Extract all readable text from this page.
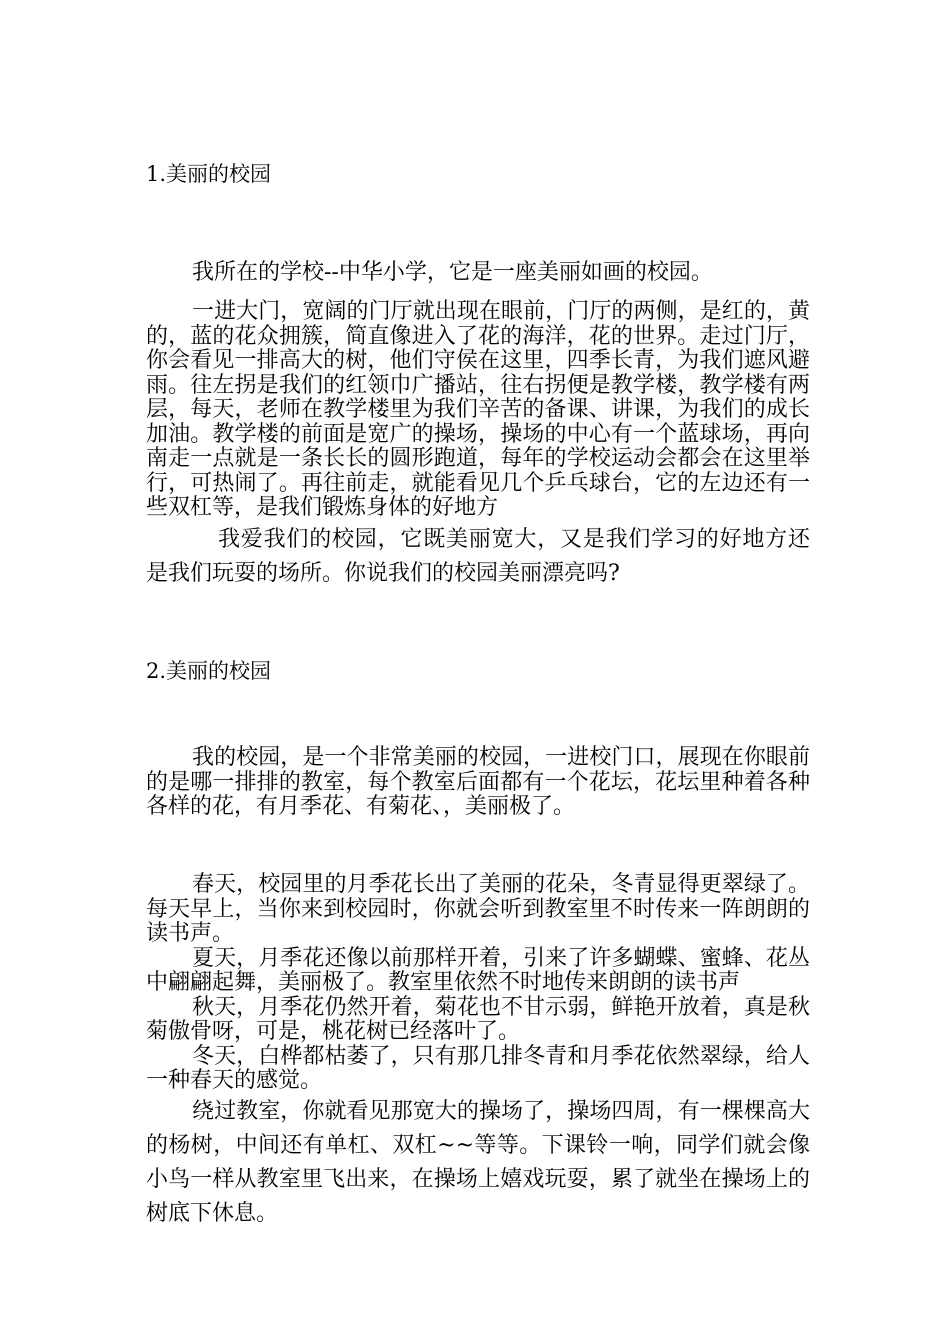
1.美丽的校园

我所在的学校--中华小学，它是一座美丽如画的校园。

一进大门，宽阔的门厅就出现在眼前，门厅的两侧，是红的，黄的，蓝的花众拥簇，简直像进入了花的海洋，花的世界。走过门厅，你会看见一排高大的树，他们守侯在这里，四季长青，为我们遮风避雨。往左拐是我们的红领巾广播站，往右拐便是教学楼，教学楼有两层，每天，老师在教学楼里为我们辛苦的备课、讲课，为我们的成长加油。教学楼的前面是宽广的操场，操场的中心有一个蓝球场，再向南走一点就是一条长长的圆形跑道，每年的学校运动会都会在这里举行，可热闹了。再往前走，就能看见几个乒乓球台，它的左边还有一些双杠等，是我们锻炼身体的好地方

我爱我们的校园，它既美丽宽大，又是我们学习的好地方还是我们玩耍的场所。你说我们的校园美丽漂亮吗?

2.美丽的校园

我的校园，是一个非常美丽的校园，一进校门口，展现在你眼前的是哪一排排的教室，每个教室后面都有一个花坛，花坛里种着各种各样的花，有月季花、有菊花、，美丽极了。

春天，校园里的月季花长出了美丽的花朵，冬青显得更翠绿了。每天早上，当你来到校园时，你就会听到教室里不时传来一阵朗朗的读书声。

夏天，月季花还像以前那样开着，引来了许多蝴蝶、蜜蜂、花丛中翩翩起舞，美丽极了。教室里依然不时地传来朗朗的读书声

秋天，月季花仍然开着，菊花也不甘示弱，鲜艳开放着，真是秋菊傲骨呀，可是，桃花树已经落叶了。

冬天，白桦都枯萎了，只有那几排冬青和月季花依然翠绿，给人一种春天的感觉。

绕过教室，你就看见那宽大的操场了，操场四周，有一棵棵高大的杨树，中间还有单杠、双杠~~等等。下课铃一响，同学们就会像小鸟一样从教室里飞出来，在操场上嬉戏玩耍，累了就坐在操场上的树底下休息。
